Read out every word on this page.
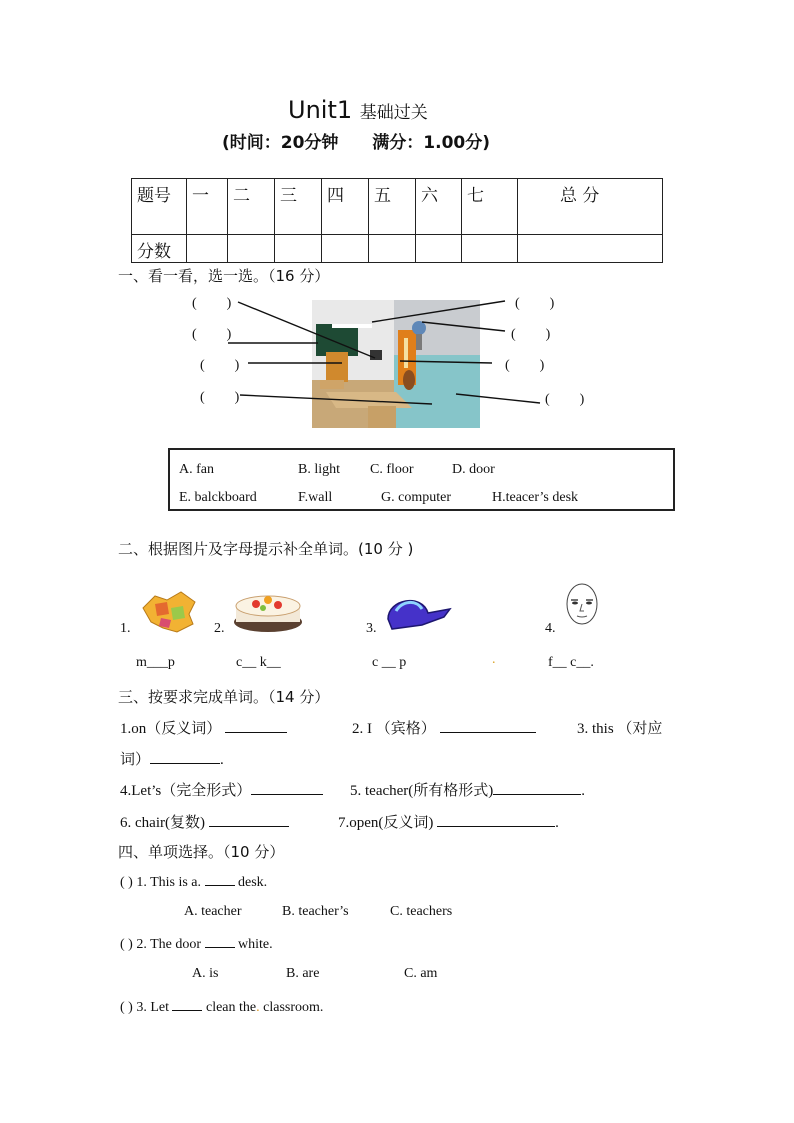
Unit1 基础过关
(时间：20分钟 满分：1.00分)
题号	一	二	三	四	五	六	七	总 分
分数								
一、看一看，选一选。（16 分）
( )
( )
( )
( )
( )
( )
( )
( )
A. fan	B. light C. floor	D. door
E. balckboard	F.wall	G. computer	H.teacer’s desk
二、根据图片及字母提示补全单词。(10 分 )
1.	2.	3.	4.
m___p	c__ k__	c __ p	.	f__ c__.
三、按要求完成单词。（14 分）
1.on（反义词）	2. I （宾格）	3. this （对应
词）	.
4.Let’s（完全形式）	5. teacher(所有格形式)	.
6. chair(复数)	7.open(反义词)	.
四、单项选择。（10 分）
( ) 1. This is a.	desk.
A. teacher	B. teacher’s	C. teachers
( ) 2. The door	white.
A. is	B. are	C. am
( ) 3. Let	clean the. classroom.
